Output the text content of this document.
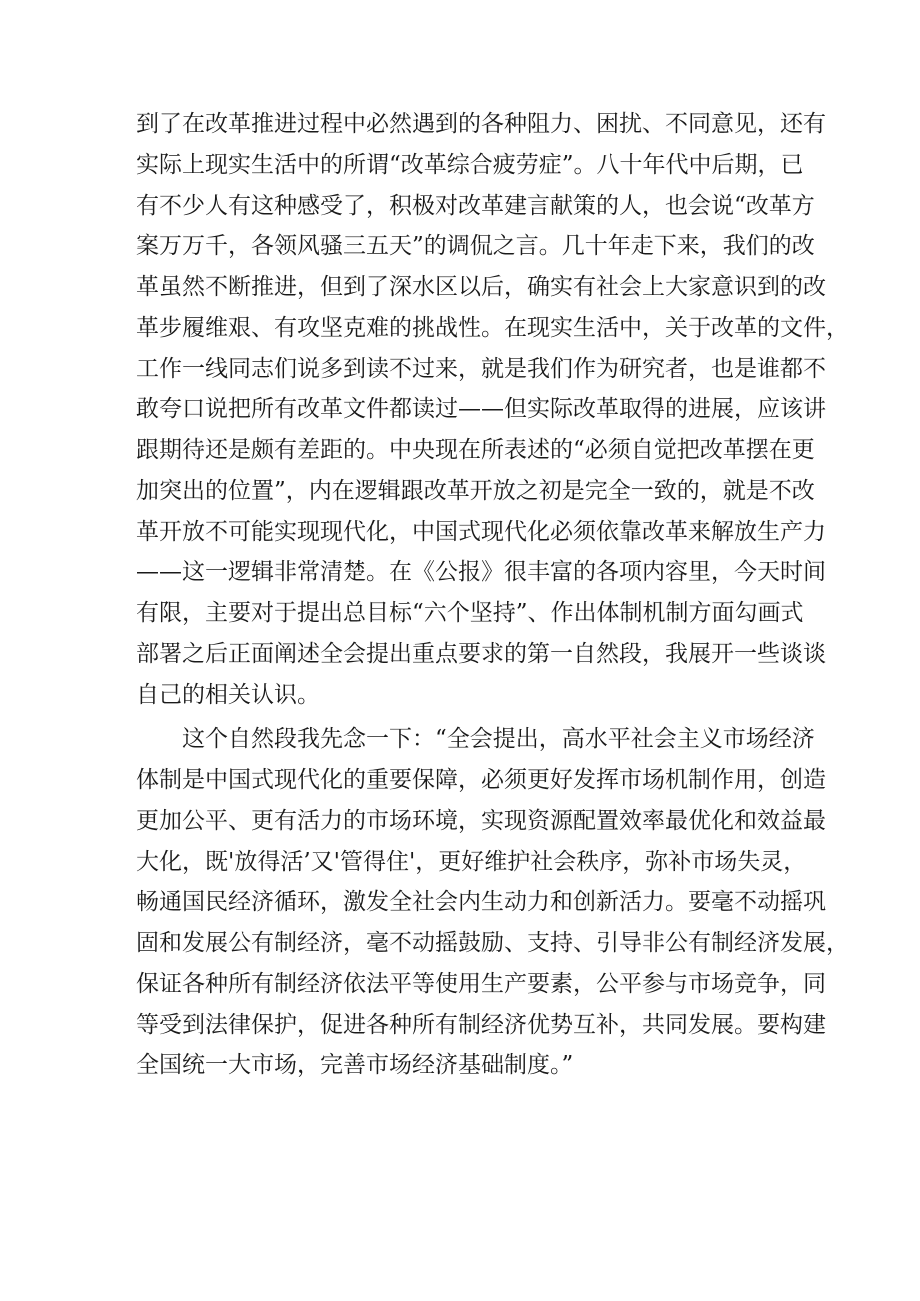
到了在改革推进过程中必然遇到的各种阻力、困扰、不同意见，还有
实际上现实生活中的所谓“改革综合疲劳症”。八十年代中后期，已
有不少人有这种感受了，积极对改革建言献策的人，也会说“改革方
案万万千，各领风骚三五天”的调侃之言。几十年走下来，我们的改
革虽然不断推进，但到了深水区以后，确实有社会上大家意识到的改
革步履维艰、有攻坚克难的挑战性。在现实生活中，关于改革的文件，
工作一线同志们说多到读不过来，就是我们作为研究者，也是谁都不
敢夸口说把所有改革文件都读过——但实际改革取得的进展，应该讲
跟期待还是颇有差距的。中央现在所表述的“必须自觉把改革摆在更
加突出的位置”，内在逻辑跟改革开放之初是完全一致的，就是不改
革开放不可能实现现代化，中国式现代化必须依靠改革来解放生产力
——这一逻辑非常清楚。在《公报》很丰富的各项内容里，今天时间
有限，主要对于提出总目标“六个坚持”、作出体制机制方面勾画式
部署之后正面阐述全会提出重点要求的第一自然段，我展开一些谈谈
自己的相关认识。
　　这个自然段我先念一下：“全会提出，高水平社会主义市场经济
体制是中国式现代化的重要保障，必须更好发挥市场机制作用，创造
更加公平、更有活力的市场环境，实现资源配置效率最优化和效益最
大化，既'放得活’又'管得住'，更好维护社会秩序，弥补市场失灵，
畅通国民经济循环，激发全社会内生动力和创新活力。要毫不动摇巩
固和发展公有制经济，毫不动摇鼓励、支持、引导非公有制经济发展，
保证各种所有制经济依法平等使用生产要素，公平参与市场竞争，同
等受到法律保护，促进各种所有制经济优势互补，共同发展。要构建
全国统一大市场，完善市场经济基础制度。”
